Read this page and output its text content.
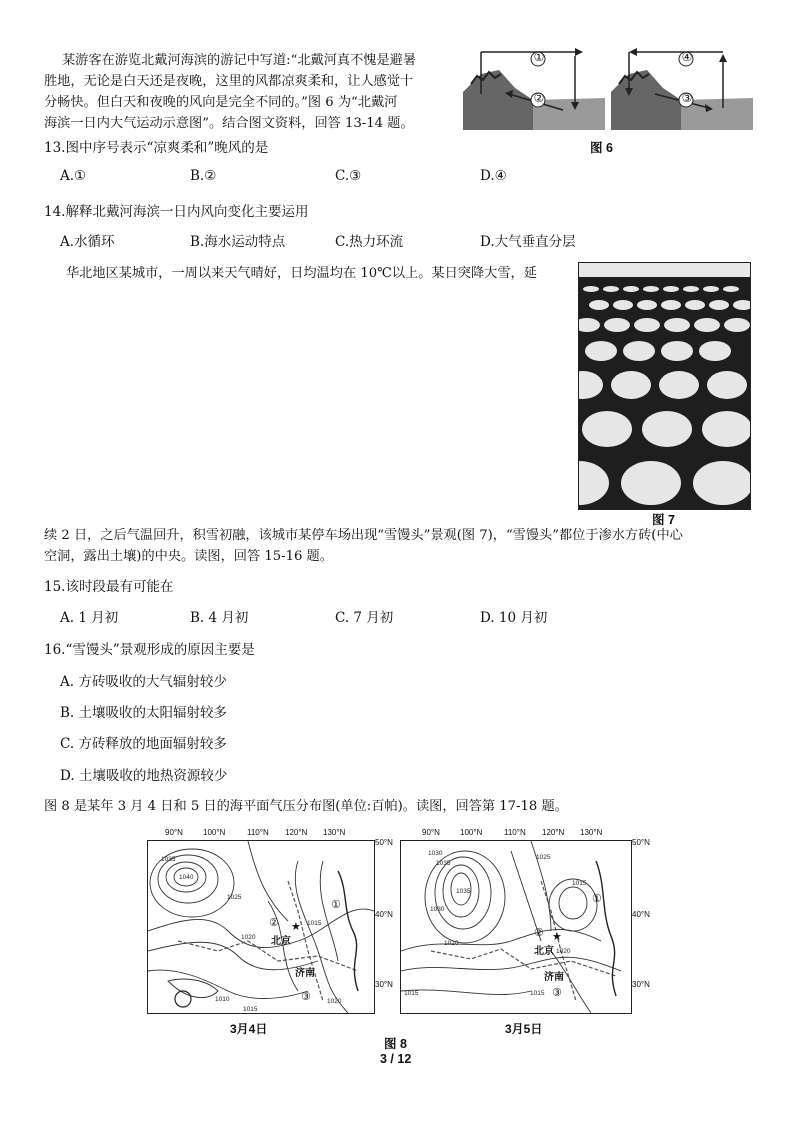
某游客在游览北戴河海滨的游记中写道:“北戴河真不愧是避暑
胜地，无论是白天还是夜晚，这里的风都凉爽柔和，让人感觉十
分畅快。但白天和夜晚的风向是完全不同的。”图 6 为“北戴河
海滨一日内大气运动示意图”。结合图文资料，回答 13-14 题。
①
②	③
④
图 6
13.图中序号表示“凉爽柔和”晚风的是
A.①	B.②	C.③	D.④
14.解释北戴河海滨一日内风向变化主要运用
A.水循环	B.海水运动特点	C.热力环流	D.大气垂直分层
华北地区某城市，一周以来天气晴好，日均温均在 10℃以上。某日突降大雪，延
图 7
续 2 日，之后气温回升，积雪初融，该城市某停车场出现“雪馒头”景观(图 7)，“雪馒头”都位于渗水方砖(中心
空洞，露出土壤)的中央。读图，回答 15-16 题。
15.该时段最有可能在
A. 1 月初	B. 4 月初	C. 7 月初	D. 10 月初
16.“雪馒头”景观形成的原因主要是
A. 方砖吸收的大气辐射较少
B. 土壤吸收的太阳辐射较多
C. 方砖释放的地面辐射较多
D. 土壤吸收的地热资源较少
图 8 是某年 3 月 4 日和 5 日的海平面气压分布图(单位:百帕)。读图，回答第 17-18 题。
90°N	100°N	110°N 120°N 130°N
50°N
40°N
30°N
1035
1040
1025
1020
1015
1015
1010	1020
北京
★
济南
①
②
③
90°N	100°N	110°N 120°N 130°N
50°N
40°N
30°N
1030
1035
1035
1030
1020
1025
1015
1015
1020
1015
北京
★
济南
①
②
③
3月4日	3月5日
图 8
3 / 12
